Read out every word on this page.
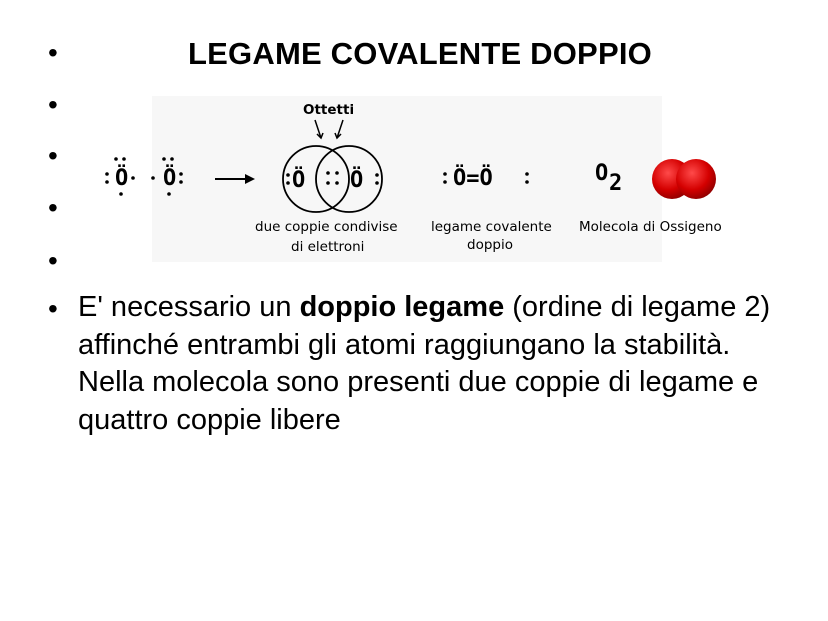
LEGAME COVALENTE DOPPIO
•
•
•
•
•
•
Ö Ö
Ottetti
Ö Ö	Ö=Ö	O 2
due coppie condivise
di elettroni
legame covalente
doppio
Molecola di Ossigeno
E' necessario un doppio legame (ordine di legame 2) affinché entrambi gli atomi raggiungano la stabilità. Nella molecola sono presenti due coppie di legame e quattro coppie libere
